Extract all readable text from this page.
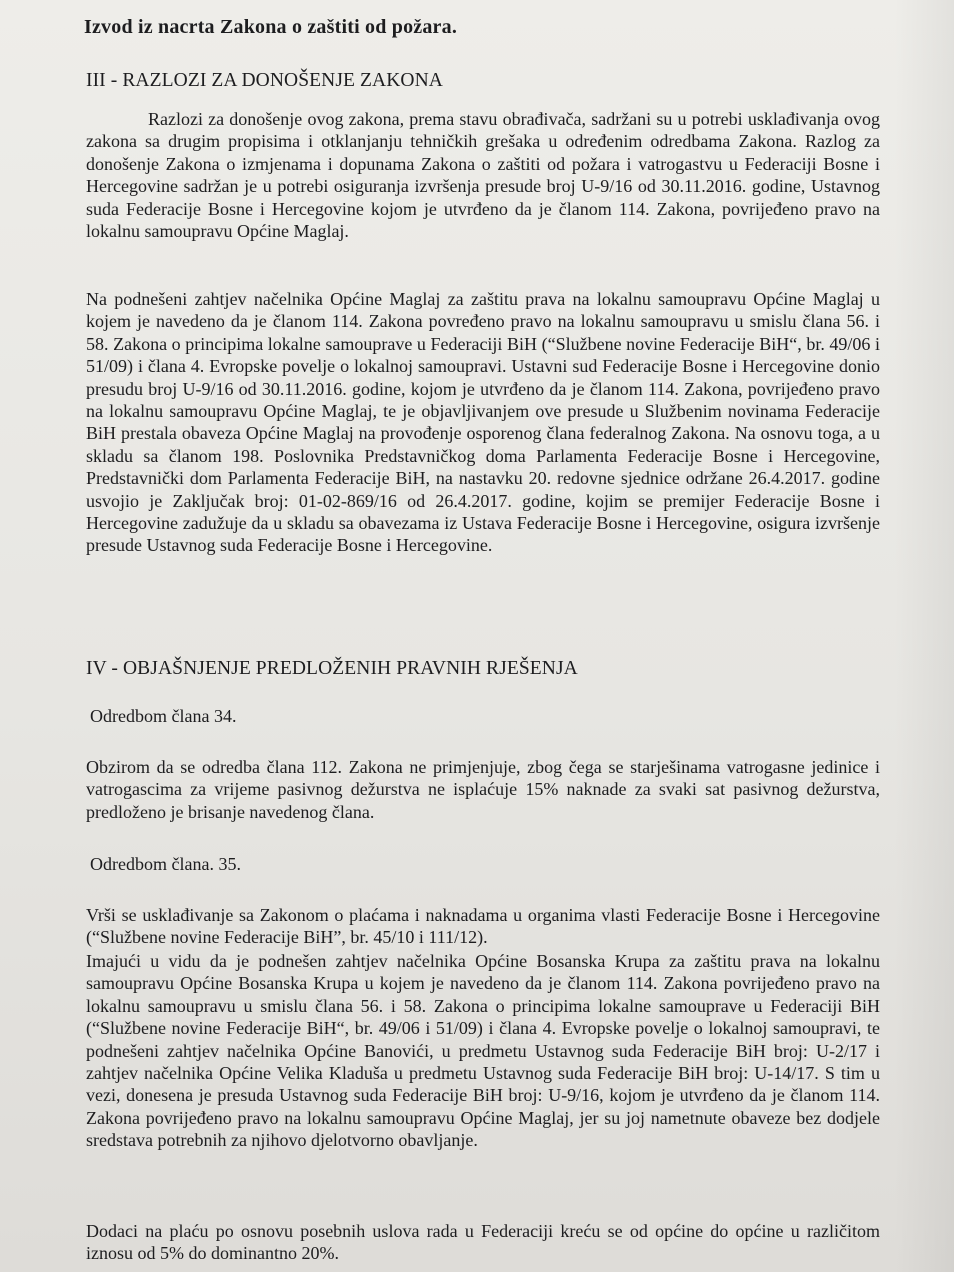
Izvod iz nacrta Zakona o zaštiti od požara.
III - RAZLOZI ZA DONOŠENJE ZAKONA

Razlozi za donošenje ovog zakona, prema stavu obrađivača, sadržani su u potrebi usklađivanja ovog zakona sa drugim propisima i otklanjanju tehničkih grešaka u određenim odredbama Zakona. Razlog za donošenje Zakona o izmjenama i dopunama Zakona o zaštiti od požara i vatrogastvu u Federaciji Bosne i Hercegovine sadržan je u potrebi osiguranja izvršenja presude broj U-9/16 od 30.11.2016. godine, Ustavnog suda Federacije Bosne i Hercegovine kojom je utvrđeno da je članom 114. Zakona, povrijeđeno pravo na lokalnu samoupravu Općine Maglaj.

Na podnešeni zahtjev načelnika Općine Maglaj za zaštitu prava na lokalnu samoupravu Općine Maglaj u kojem je navedeno da je članom 114. Zakona povređeno pravo na lokalnu samoupravu u smislu člana 56. i 58. Zakona o principima lokalne samouprave u Federaciji BiH (“Službene novine Federacije BiH“, br. 49/06 i 51/09) i člana 4. Evropske povelje o lokalnoj samoupravi. Ustavni sud Federacije Bosne i Hercegovine donio presudu broj U-9/16 od 30.11.2016. godine, kojom je utvrđeno da je članom 114. Zakona, povrijeđeno pravo na lokalnu samoupravu Općine Maglaj, te je objavljivanjem ove presude u Službenim novinama Federacije BiH prestala obaveza Općine Maglaj na provođenje osporenog člana federalnog Zakona. Na osnovu toga, a u skladu sa članom 198. Poslovnika Predstavničkog doma Parlamenta Federacije Bosne i Hercegovine, Predstavnički dom Parlamenta Federacije BiH, na nastavku 20. redovne sjednice održane 26.4.2017. godine usvojio je Zaključak broj: 01-02-869/16 od 26.4.2017. godine, kojim se premijer Federacije Bosne i Hercegovine zadužuje da u skladu sa obavezama iz Ustava Federacije Bosne i Hercegovine, osigura izvršenje presude Ustavnog suda Federacije Bosne i Hercegovine.

IV - OBJAŠNJENJE PREDLOŽENIH PRAVNIH RJEŠENJA
Odredbom člana 34.

Obzirom da se odredba člana 112. Zakona ne primjenjuje, zbog čega se starješinama vatrogasne jedinice i vatrogascima za vrijeme pasivnog dežurstva ne isplaćuje 15% naknade za svaki sat pasivnog dežurstva, predloženo je brisanje navedenog člana.

Odredbom člana. 35.

Vrši se usklađivanje sa Zakonom o plaćama i naknadama u organima vlasti Federacije Bosne i Hercegovine (“Službene novine Federacije BiH”, br. 45/10 i 111/12).

Imajući u vidu da je podnešen zahtjev načelnika Općine Bosanska Krupa za zaštitu prava na lokalnu samoupravu Općine Bosanska Krupa u kojem je navedeno da je članom 114. Zakona povrijeđeno pravo na lokalnu samoupravu u smislu člana 56. i 58. Zakona o principima lokalne samouprave u Federaciji BiH (“Službene novine Federacije BiH“, br. 49/06 i 51/09) i člana 4. Evropske povelje o lokalnoj samoupravi, te podnešeni zahtjev načelnika Općine Banovići, u predmetu Ustavnog suda Federacije BiH broj: U-2/17 i zahtjev načelnika Općine Velika Kladuša u predmetu Ustavnog suda Federacije BiH broj: U-14/17. S tim u vezi, donesena je presuda Ustavnog suda Federacije BiH broj: U-9/16, kojom je utvrđeno da je članom 114. Zakona povrijeđeno pravo na lokalnu samoupravu Općine Maglaj, jer su joj nametnute obaveze bez dodjele sredstava potrebnih za njihovo djelotvorno obavljanje.

Dodaci na plaću po osnovu posebnih uslova rada u Federaciji kreću se od općine do općine u različitom iznosu od 5% do dominantno 20%.
